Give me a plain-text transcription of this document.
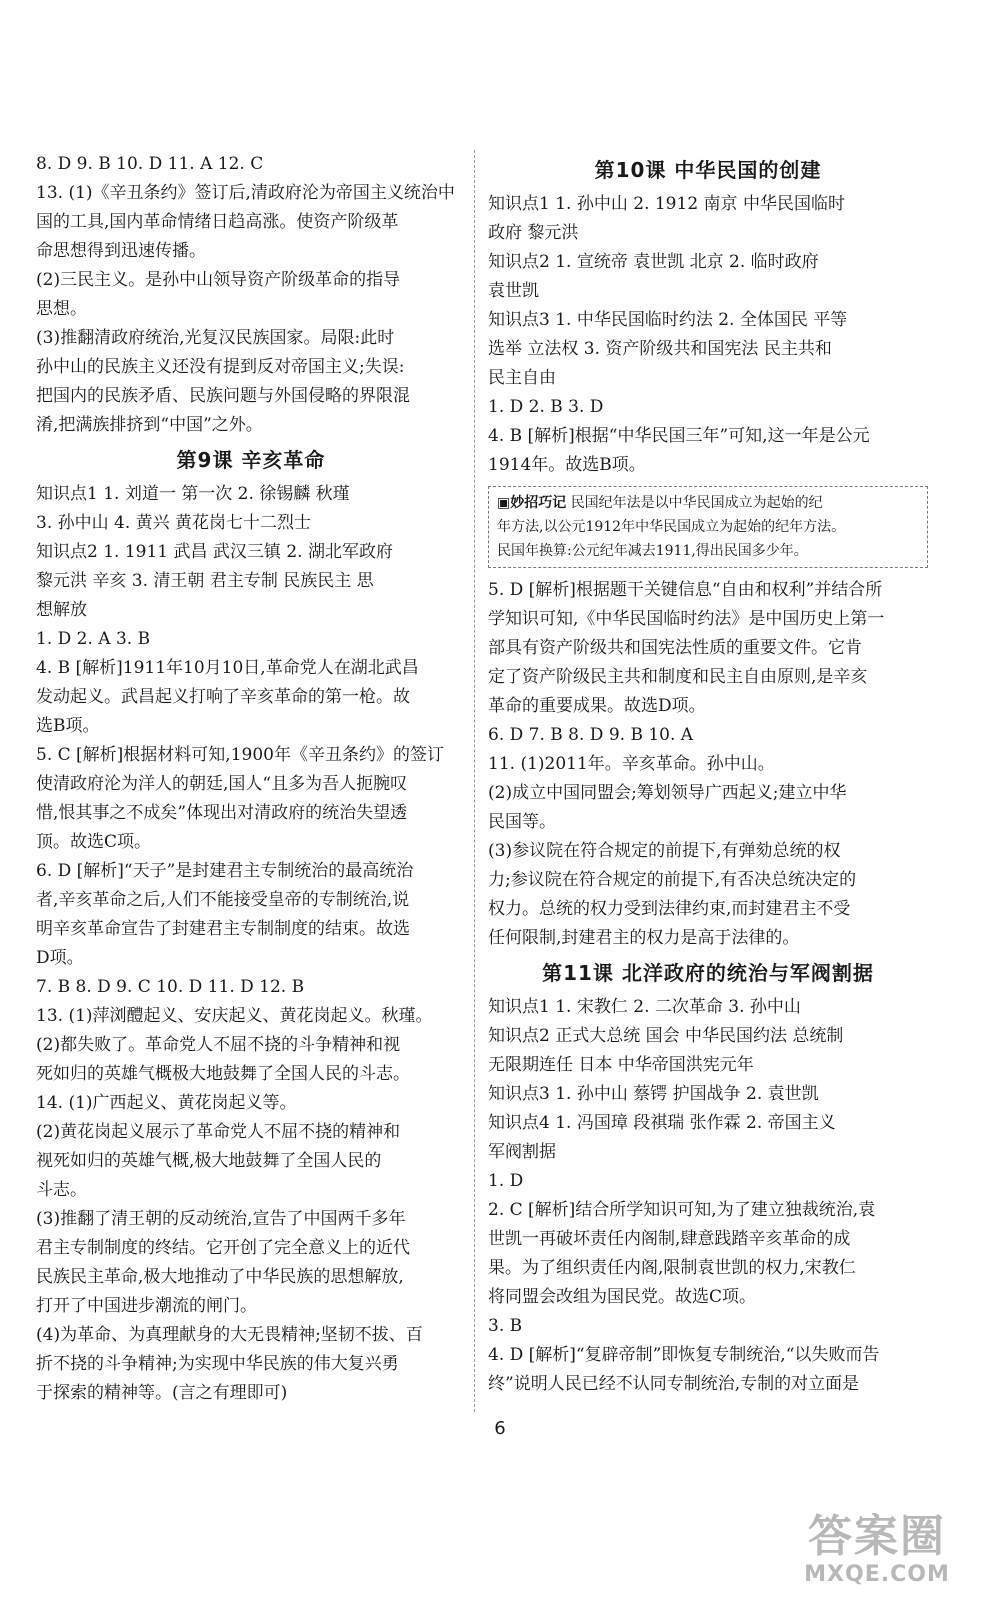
8. D 9. B 10. D 11. A 12. C
13. (1)《辛丑条约》签订后,清政府沦为帝国主义统治中
国的工具,国内革命情绪日趋高涨。使资产阶级革
命思想得到迅速传播。
(2)三民主义。是孙中山领导资产阶级革命的指导
思想。
(3)推翻清政府统治,光复汉民族国家。局限:此时
孙中山的民族主义还没有提到反对帝国主义;失误:
把国内的民族矛盾、民族问题与外国侵略的界限混
淆,把满族排挤到“中国”之外。
第9课 辛亥革命
知识点1 1. 刘道一 第一次 2. 徐锡麟 秋瑾
3. 孙中山 4. 黄兴 黄花岗七十二烈士
知识点2 1. 1911 武昌 武汉三镇 2. 湖北军政府
黎元洪 辛亥 3. 清王朝 君主专制 民族民主 思
想解放
1. D 2. A 3. B
4. B [解析]1911年10月10日,革命党人在湖北武昌
发动起义。武昌起义打响了辛亥革命的第一枪。故
选B项。
5. C [解析]根据材料可知,1900年《辛丑条约》的签订
使清政府沦为洋人的朝廷,国人“且多为吾人扼腕叹
惜,恨其事之不成矣”体现出对清政府的统治失望透
顶。故选C项。
6. D [解析]“天子”是封建君主专制统治的最高统治
者,辛亥革命之后,人们不能接受皇帝的专制统治,说
明辛亥革命宣告了封建君主专制制度的结束。故选
D项。
7. B 8. D 9. C 10. D 11. D 12. B
13. (1)萍浏醴起义、安庆起义、黄花岗起义。秋瑾。
(2)都失败了。革命党人不屈不挠的斗争精神和视
死如归的英雄气概极大地鼓舞了全国人民的斗志。
14. (1)广西起义、黄花岗起义等。
(2)黄花岗起义展示了革命党人不屈不挠的精神和
视死如归的英雄气概,极大地鼓舞了全国人民的
斗志。
(3)推翻了清王朝的反动统治,宣告了中国两千多年
君主专制制度的终结。它开创了完全意义上的近代
民族民主革命,极大地推动了中华民族的思想解放,
打开了中国进步潮流的闸门。
(4)为革命、为真理献身的大无畏精神;坚韧不拔、百
折不挠的斗争精神;为实现中华民族的伟大复兴勇
于探索的精神等。(言之有理即可)
第10课 中华民国的创建
知识点1 1. 孙中山 2. 1912 南京 中华民国临时
政府 黎元洪
知识点2 1. 宣统帝 袁世凯 北京 2. 临时政府
袁世凯
知识点3 1. 中华民国临时约法 2. 全体国民 平等
选举 立法权 3. 资产阶级共和国宪法 民主共和
民主自由
1. D 2. B 3. D
4. B [解析]根据“中华民国三年”可知,这一年是公元
1914年。故选B项。
▣妙招巧记 民国纪年法是以中华民国成立为起始的纪
年方法,以公元1912年中华民国成立为起始的纪年方法。
民国年换算:公元纪年减去1911,得出民国多少年。
5. D [解析]根据题干关键信息“自由和权利”并结合所
学知识可知,《中华民国临时约法》是中国历史上第一
部具有资产阶级共和国宪法性质的重要文件。它肯
定了资产阶级民主共和制度和民主自由原则,是辛亥
革命的重要成果。故选D项。
6. D 7. B 8. D 9. B 10. A
11. (1)2011年。辛亥革命。孙中山。
(2)成立中国同盟会;筹划领导广西起义;建立中华
民国等。
(3)参议院在符合规定的前提下,有弹劾总统的权
力;参议院在符合规定的前提下,有否决总统决定的
权力。总统的权力受到法律约束,而封建君主不受
任何限制,封建君主的权力是高于法律的。
第11课 北洋政府的统治与军阀割据
知识点1 1. 宋教仁 2. 二次革命 3. 孙中山
知识点2 正式大总统 国会 中华民国约法 总统制
无限期连任 日本 中华帝国洪宪元年
知识点3 1. 孙中山 蔡锷 护国战争 2. 袁世凯
知识点4 1. 冯国璋 段祺瑞 张作霖 2. 帝国主义
军阀割据
1. D
2. C [解析]结合所学知识可知,为了建立独裁统治,袁
世凯一再破坏责任内阁制,肆意践踏辛亥革命的成
果。为了组织责任内阁,限制袁世凯的权力,宋教仁
将同盟会改组为国民党。故选C项。
3. B
4. D [解析]“复辟帝制”即恢复专制统治,“以失败而告
终”说明人民已经不认同专制统治,专制的对立面是
6
答案圈
MXQE.COM
